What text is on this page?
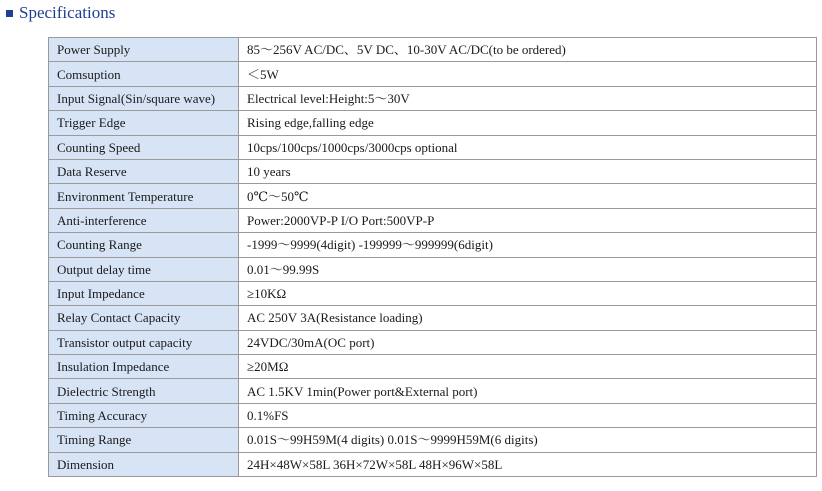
Specifications
Power Supply	85～256V AC/DC、5V DC、10-30V AC/DC(to be ordered)
Comsuption	＜5W
Input Signal(Sin/square wave)	Electrical level:Height:5～30V
Trigger Edge	Rising edge,falling edge
Counting Speed	10cps/100cps/1000cps/3000cps optional
Data Reserve	10 years
Environment Temperature	0℃～50℃
Anti-interference	Power:2000VP-P I/O Port:500VP-P
Counting Range	-1999～9999(4digit) -199999～999999(6digit)
Output delay time	0.01～99.99S
Input Impedance	≥10KΩ
Relay Contact Capacity	AC 250V 3A(Resistance loading)
Transistor output capacity	24VDC/30mA(OC port)
Insulation Impedance	≥20MΩ
Dielectric Strength	AC 1.5KV 1min(Power port&External port)
Timing Accuracy	0.1%FS
Timing Range	0.01S～99H59M(4 digits) 0.01S～9999H59M(6 digits)
Dimension	24H×48W×58L 36H×72W×58L 48H×96W×58L
